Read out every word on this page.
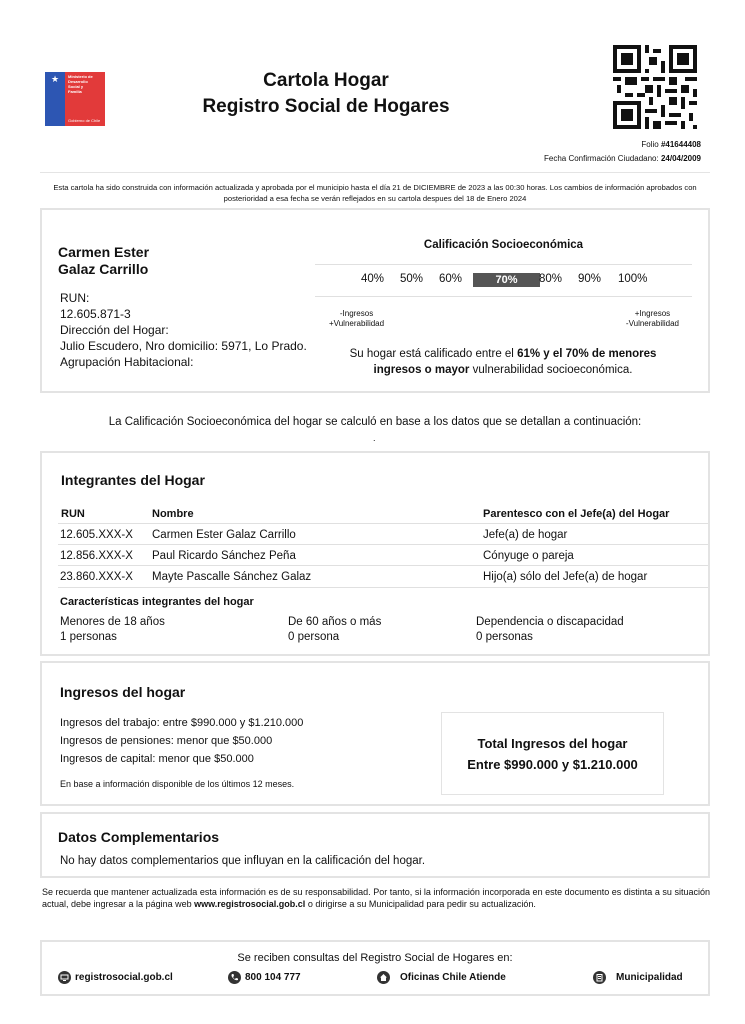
★ Ministerio de
Desarrollo
Social y
Familia
Gobierno de Chile
Cartola Hogar
Registro Social de Hogares
Folio #41644408
Fecha Confirmación Ciudadano: 24/04/2009
Esta cartola ha sido construida con información actualizada y aprobada por el municipio hasta el día 21 de DICIEMBRE de 2023 a las 00:30 horas. Los cambios de información aprobados con posterioridad a esa fecha se verán reflejados en su cartola despues del 18 de Enero 2024
Carmen Ester
Galaz Carrillo
RUN:
12.605.871-3
Dirección del Hogar:
Julio Escudero, Nro domicilio: 5971, Lo Prado.
Agrupación Habitacional:
Calificación Socioeconómica
40% 50% 60%	70%	80% 90% 100%
-Ingresos
+Vulnerabilidad
+Ingresos
-Vulnerabilidad
Su hogar está calificado entre el 61% y el 70% de menores
ingresos o mayor vulnerabilidad socioeconómica.
La Calificación Socioeconómica del hogar se calculó en base a los datos que se detallan a continuación:
.
Integrantes del Hogar
RUN	Nombre	Parentesco con el Jefe(a) del Hogar
12.605.XXX-X Carmen Ester Galaz Carrillo	Jefe(a) de hogar
12.856.XXX-X Paul Ricardo Sánchez Peña	Cónyuge o pareja
23.860.XXX-X Mayte Pascalle Sánchez Galaz	Hijo(a) sólo del Jefe(a) de hogar
Características integrantes del hogar
Menores de 18 años
1 personas
De 60 años o más
0 persona
Dependencia o discapacidad
0 personas
Ingresos del hogar
Ingresos del trabajo: entre $990.000 y $1.210.000
Ingresos de pensiones: menor que $50.000
Ingresos de capital: menor que $50.000
En base a información disponible de los últimos 12 meses.
Total Ingresos del hogar
Entre $990.000 y $1.210.000
Datos Complementarios
No hay datos complementarios que influyan en la calificación del hogar.
Se recuerda que mantener actualizada esta información es de su responsabilidad. Por tanto, si la información incorporada en este documento es distinta a su situación actual, debe ingresar a la página web www.registrosocial.gob.cl o dirigirse a su Municipalidad para pedir su actualización.
Se reciben consultas del Registro Social de Hogares en:
registrosocial.gob.cl	800 104 777	Oficinas Chile Atiende	Municipalidad
